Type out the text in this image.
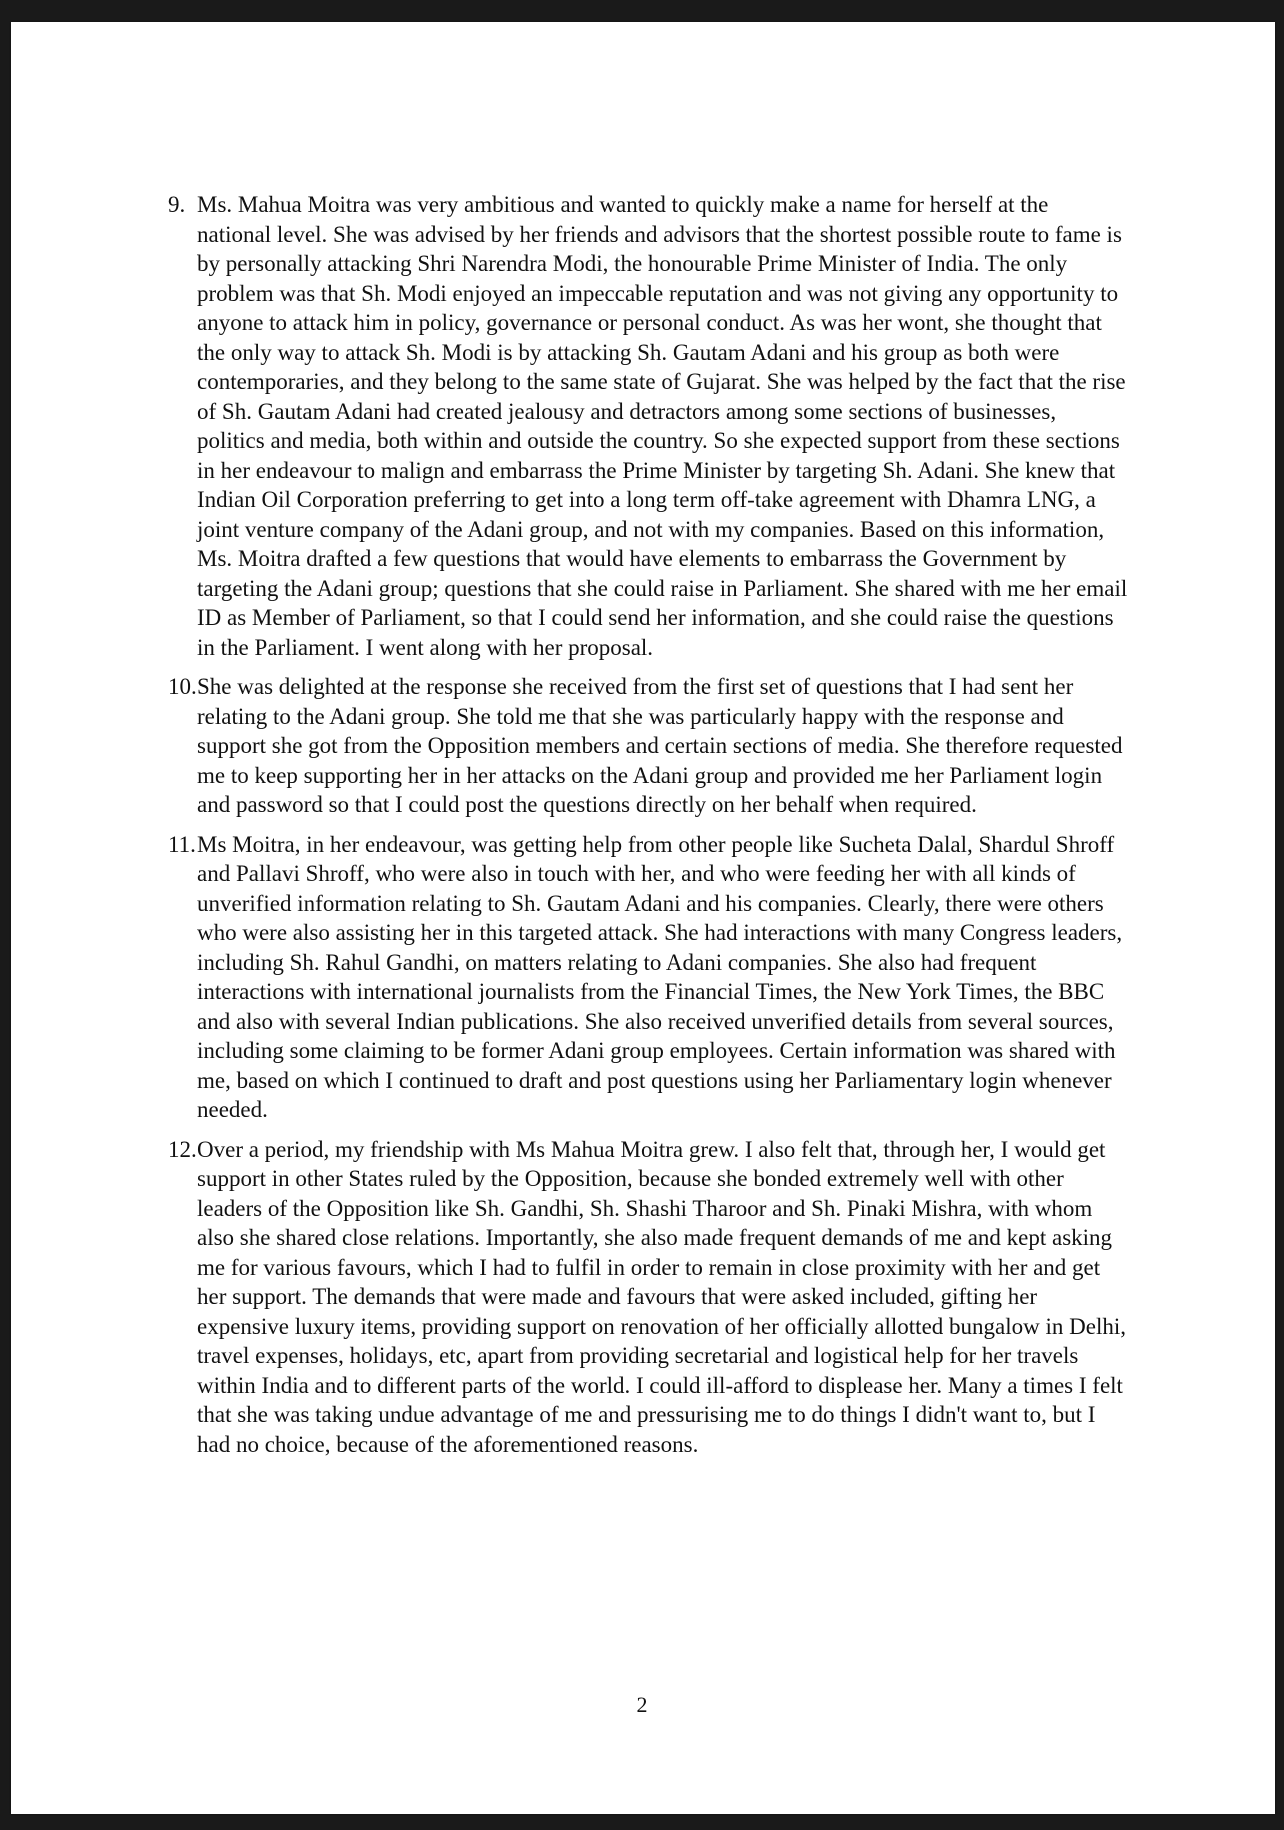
9. Ms. Mahua Moitra was very ambitious and wanted to quickly make a name for herself at the national level. She was advised by her friends and advisors that the shortest possible route to fame is by personally attacking Shri Narendra Modi, the honourable Prime Minister of India. The only problem was that Sh. Modi enjoyed an impeccable reputation and was not giving any opportunity to anyone to attack him in policy, governance or personal conduct. As was her wont, she thought that the only way to attack Sh. Modi is by attacking Sh. Gautam Adani and his group as both were contemporaries, and they belong to the same state of Gujarat. She was helped by the fact that the rise of Sh. Gautam Adani had created jealousy and detractors among some sections of businesses, politics and media, both within and outside the country. So she expected support from these sections in her endeavour to malign and embarrass the Prime Minister by targeting Sh. Adani. She knew that Indian Oil Corporation preferring to get into a long term off-take agreement with Dhamra LNG, a joint venture company of the Adani group, and not with my companies. Based on this information, Ms. Moitra drafted a few questions that would have elements to embarrass the Government by targeting the Adani group; questions that she could raise in Parliament. She shared with me her email ID as Member of Parliament, so that I could send her information, and she could raise the questions in the Parliament. I went along with her proposal.
10. She was delighted at the response she received from the first set of questions that I had sent her relating to the Adani group. She told me that she was particularly happy with the response and support she got from the Opposition members and certain sections of media. She therefore requested me to keep supporting her in her attacks on the Adani group and provided me her Parliament login and password so that I could post the questions directly on her behalf when required.
11. Ms Moitra, in her endeavour, was getting help from other people like Sucheta Dalal, Shardul Shroff and Pallavi Shroff, who were also in touch with her, and who were feeding her with all kinds of unverified information relating to Sh. Gautam Adani and his companies. Clearly, there were others who were also assisting her in this targeted attack. She had interactions with many Congress leaders, including Sh. Rahul Gandhi, on matters relating to Adani companies. She also had frequent interactions with international journalists from the Financial Times, the New York Times, the BBC and also with several Indian publications. She also received unverified details from several sources, including some claiming to be former Adani group employees. Certain information was shared with me, based on which I continued to draft and post questions using her Parliamentary login whenever needed.
12. Over a period, my friendship with Ms Mahua Moitra grew. I also felt that, through her, I would get support in other States ruled by the Opposition, because she bonded extremely well with other leaders of the Opposition like Sh. Gandhi, Sh. Shashi Tharoor and Sh. Pinaki Mishra, with whom also she shared close relations. Importantly, she also made frequent demands of me and kept asking me for various favours, which I had to fulfil in order to remain in close proximity with her and get her support. The demands that were made and favours that were asked included, gifting her expensive luxury items, providing support on renovation of her officially allotted bungalow in Delhi, travel expenses, holidays, etc, apart from providing secretarial and logistical help for her travels within India and to different parts of the world. I could ill-afford to displease her. Many a times I felt that she was taking undue advantage of me and pressurising me to do things I didn't want to, but I had no choice, because of the aforementioned reasons.
2
